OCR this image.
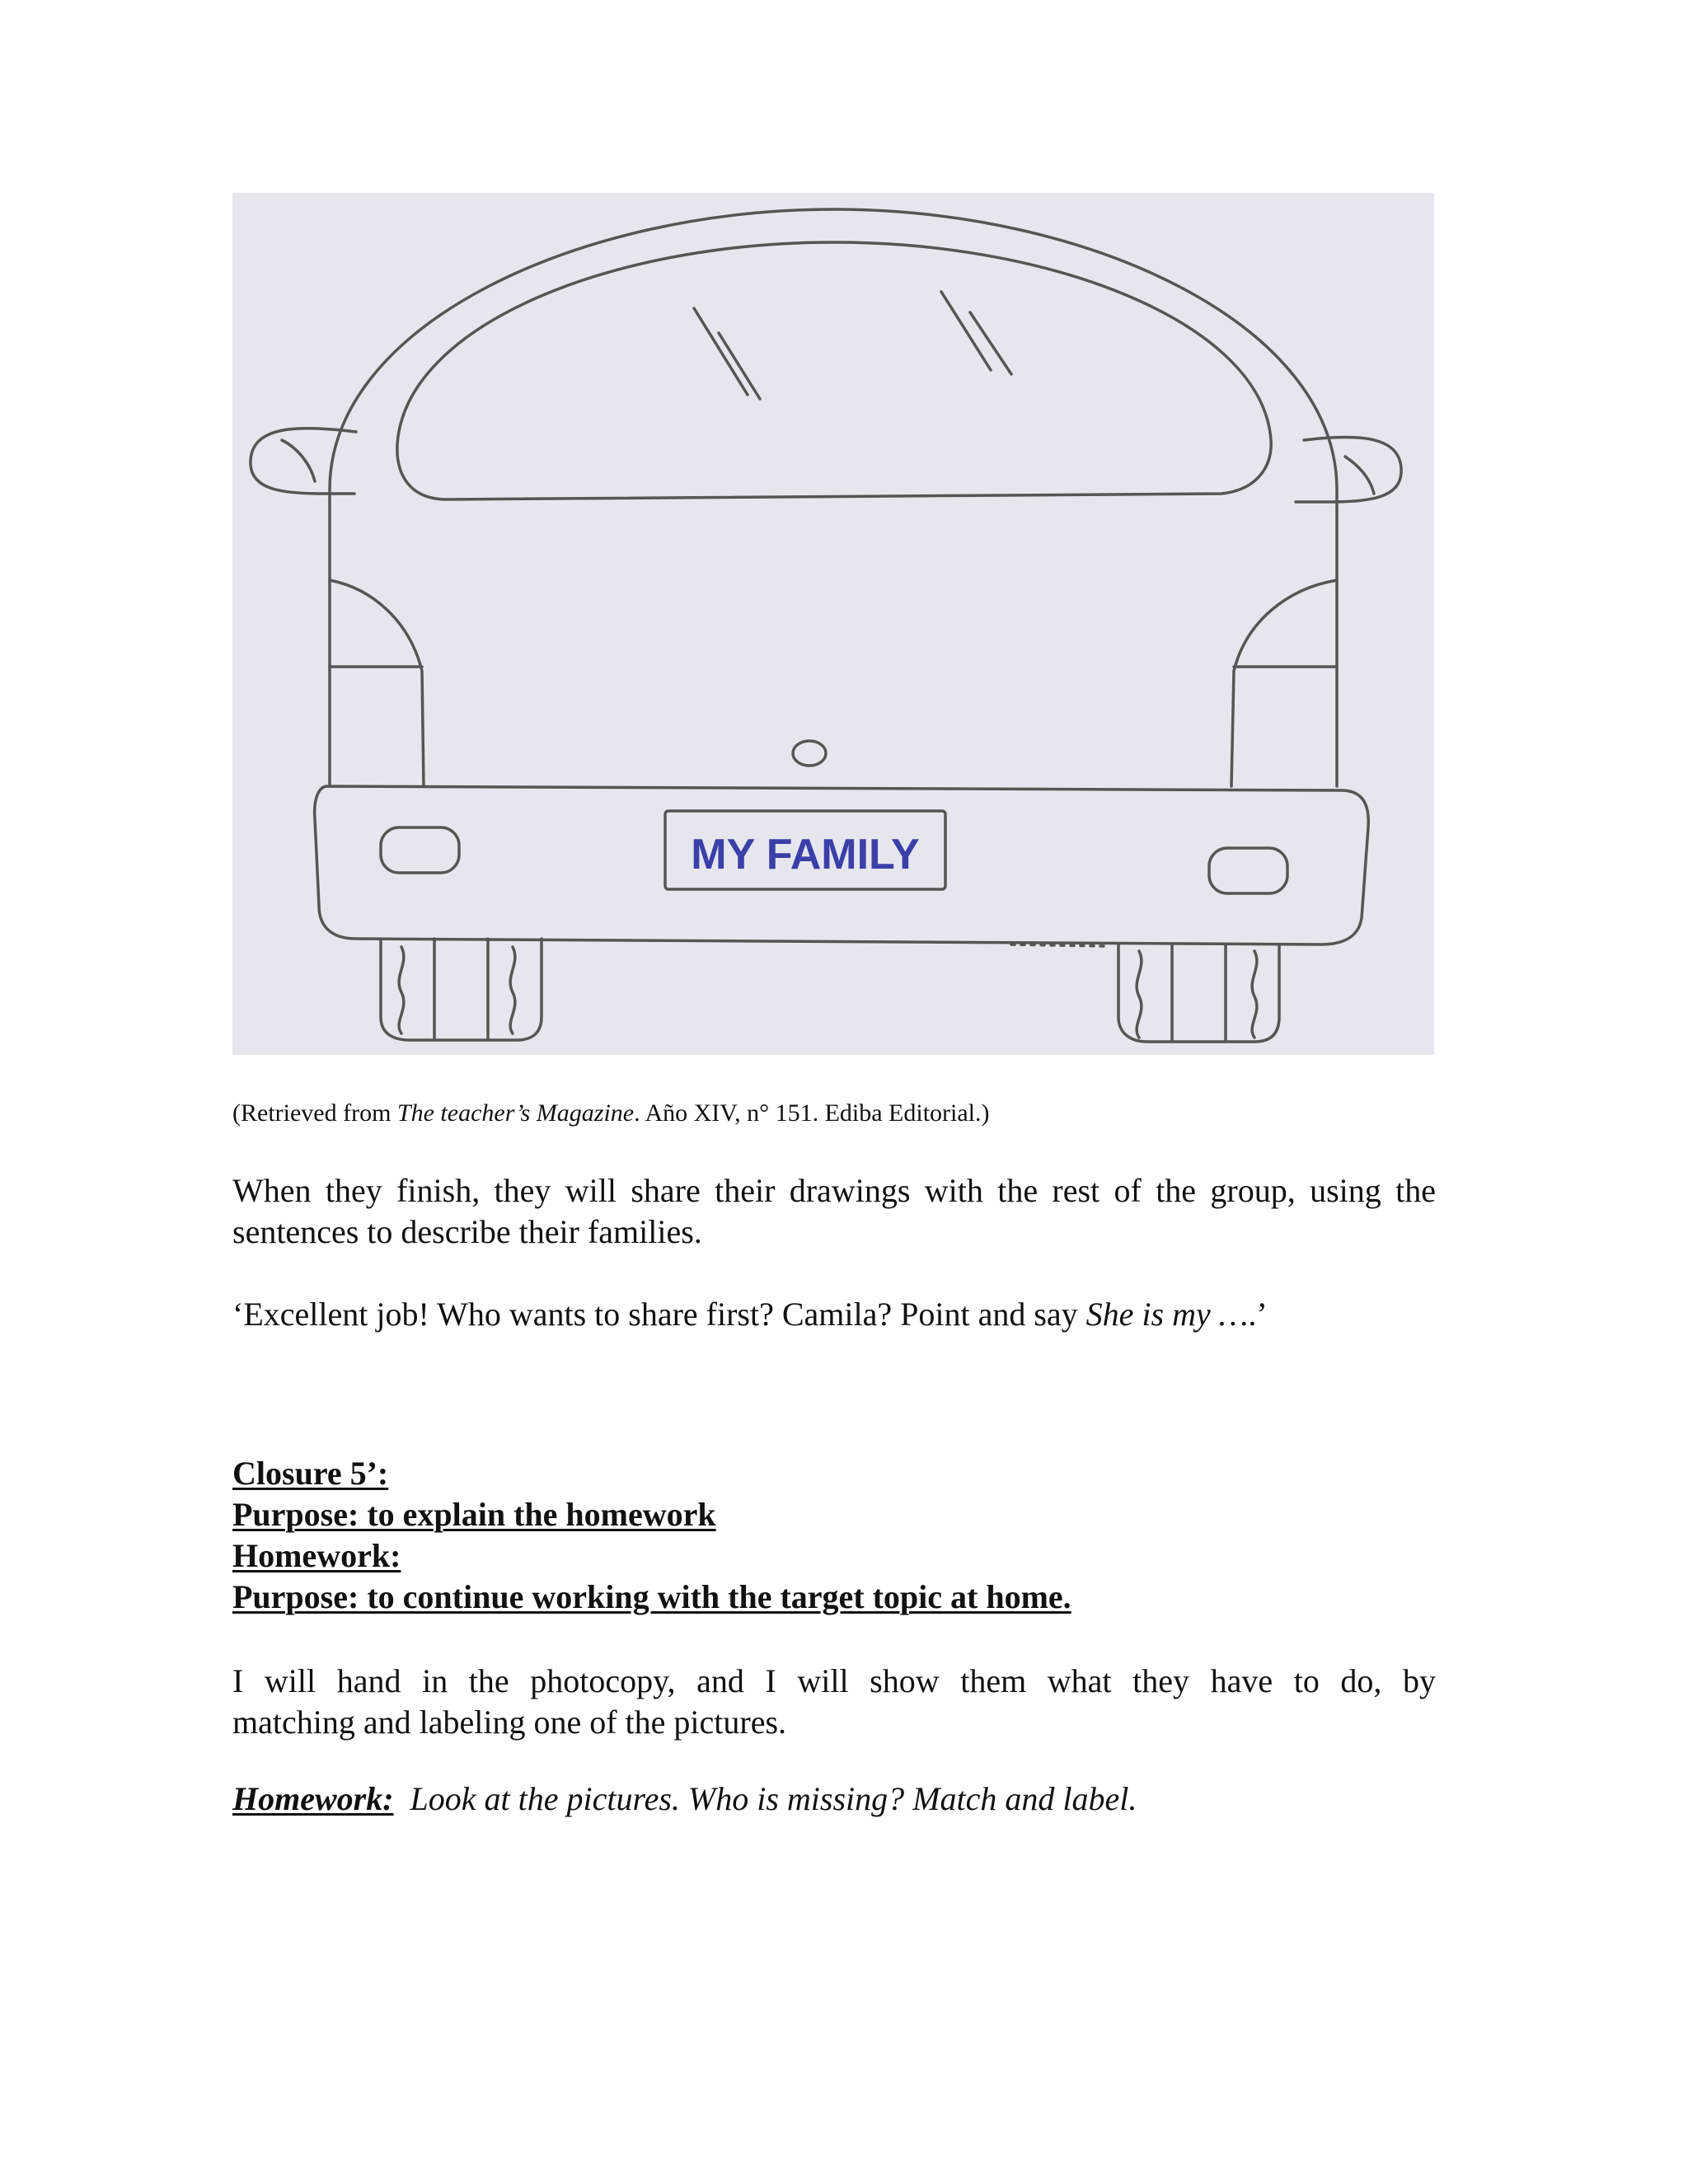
MY FAMILY
(Retrieved from The teacher’s Magazine. Año XIV, n° 151. Ediba Editorial.)
When they finish, they will share their drawings with the rest of the group, using the
sentences to describe their families.
‘Excellent job! Who wants to share first? Camila? Point and say She is my ….’
Closure 5’:
Purpose: to explain the homework
Homework:
Purpose: to continue working with the target topic at home.
I will hand in the photocopy, and I will show them what they have to do, by
matching and labeling one of the pictures.
Homework: Look at the pictures. Who is missing? Match and label.
